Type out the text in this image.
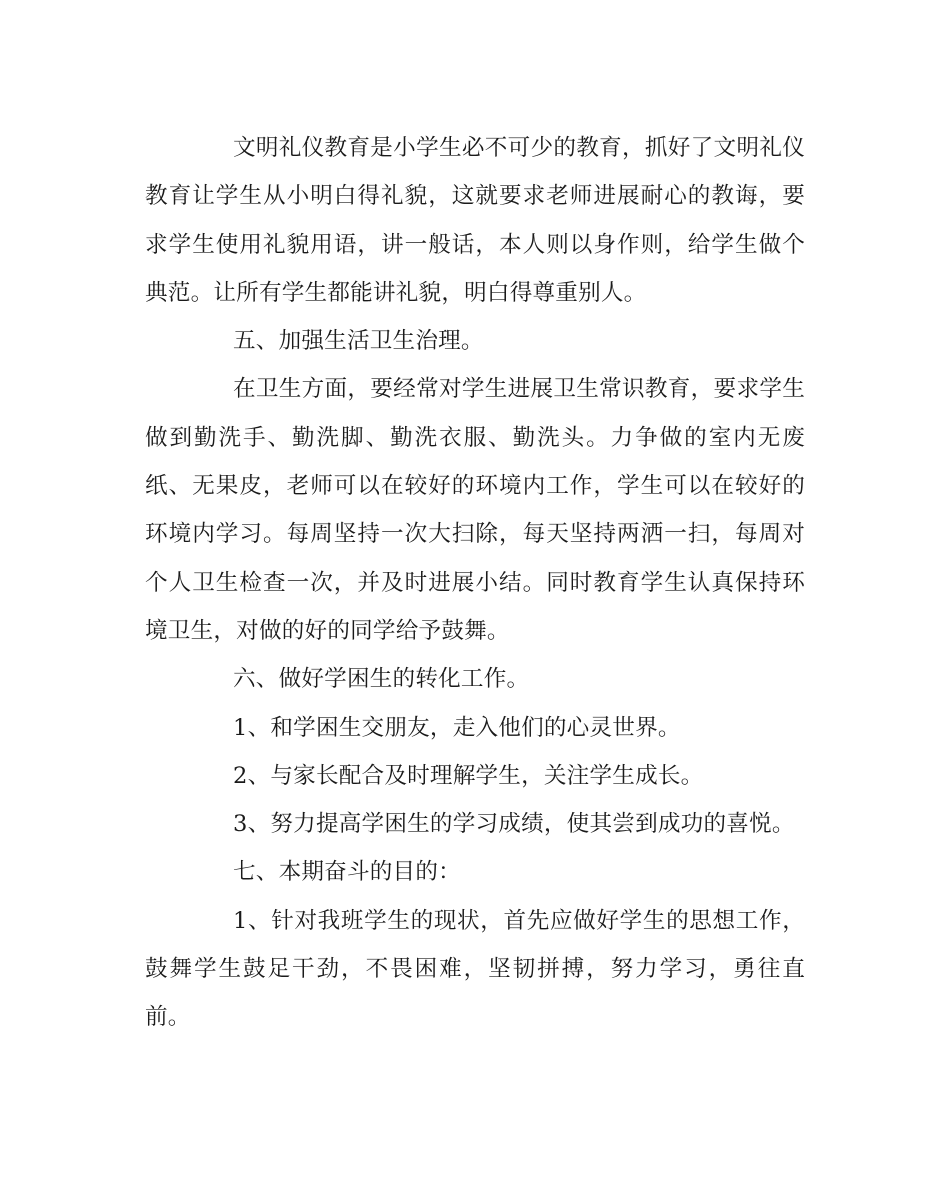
文明礼仪教育是小学生必不可少的教育，抓好了文明礼仪教育让学生从小明白得礼貌，这就要求老师进展耐心的教诲，要求学生使用礼貌用语，讲一般话，本人则以身作则，给学生做个典范。让所有学生都能讲礼貌，明白得尊重别人。

五、加强生活卫生治理。

在卫生方面，要经常对学生进展卫生常识教育，要求学生做到勤洗手、勤洗脚、勤洗衣服、勤洗头。力争做的室内无废纸、无果皮，老师可以在较好的环境内工作，学生可以在较好的环境内学习。每周坚持一次大扫除，每天坚持两洒一扫，每周对个人卫生检查一次，并及时进展小结。同时教育学生认真保持环境卫生，对做的好的同学给予鼓舞。

六、做好学困生的转化工作。

1、和学困生交朋友，走入他们的心灵世界。

2、与家长配合及时理解学生，关注学生成长。

3、努力提高学困生的学习成绩，使其尝到成功的喜悦。

七、本期奋斗的目的：

1、针对我班学生的现状，首先应做好学生的思想工作，鼓舞学生鼓足干劲，不畏困难，坚韧拼搏，努力学习，勇往直前。
